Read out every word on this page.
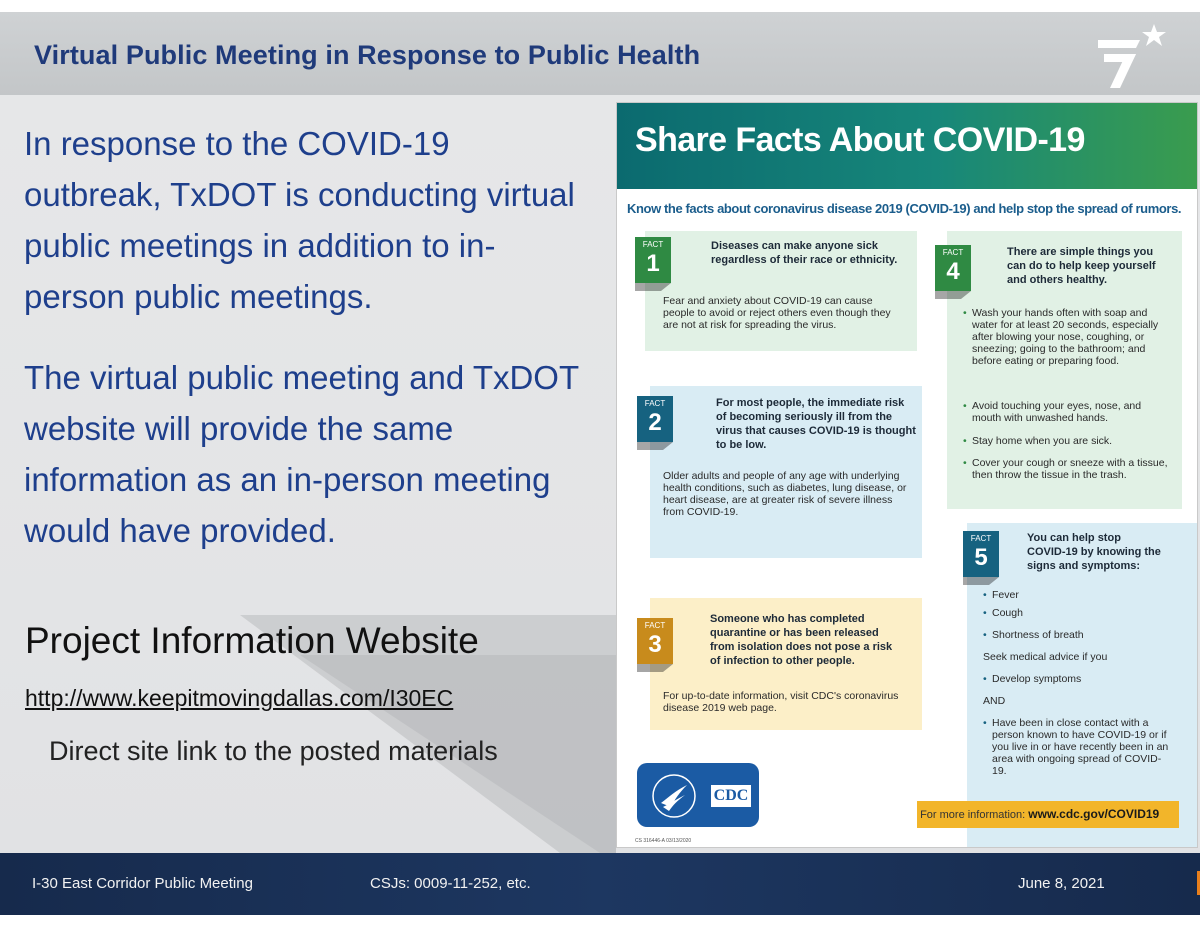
Virtual Public Meeting in Response to Public Health

In response to the COVID-19 outbreak, TxDOT is conducting virtual public meetings in addition to in-person public meetings.

The virtual public meeting and TxDOT website will provide the same information as an in-person meeting would have provided.

Project Information Website
http://www.keepitmovingdallas.com/I30EC
Direct site link to the posted materials
Share Facts About COVID-19
Know the facts about coronavirus disease 2019 (COVID-19) and help stop the spread of rumors.
FACT
1
Diseases can make anyone sick regardless of their race or ethnicity.
Fear and anxiety about COVID-19 can cause people to avoid or reject others even though they are not at risk for spreading the virus.
FACT
2
For most people, the immediate risk of becoming seriously ill from the virus that causes COVID-19 is thought to be low.
Older adults and people of any age with underlying health conditions, such as diabetes, lung disease, or heart disease, are at greater risk of severe illness from COVID-19.
FACT
3
Someone who has completed quarantine or has been released from isolation does not pose a risk of infection to other people.
For up-to-date information, visit CDC's coronavirus disease 2019 web page.
FACT
4
There are simple things you can do to help keep yourself and others healthy.
• Wash your hands often with soap and water for at least 20 seconds, especially after blowing your nose, coughing, or sneezing; going to the bathroom; and before eating or preparing food.
• Avoid touching your eyes, nose, and mouth with unwashed hands.
• Stay home when you are sick.
• Cover your cough or sneeze with a tissue, then throw the tissue in the trash.
FACT
5
You can help stop COVID-19 by knowing the signs and symptoms:
• Fever
• Cough
• Shortness of breath
Seek medical advice if you
• Develop symptoms
AND
• Have been in close contact with a person known to have COVID-19 or if you live in or have recently been in an area with ongoing spread of COVID-19.
For more information: www.cdc.gov/COVID19
CDC
CS 316446-A 03/13/2020
I-30 East Corridor Public Meeting	CSJs: 0009-11-252, etc.	June 8, 2021
